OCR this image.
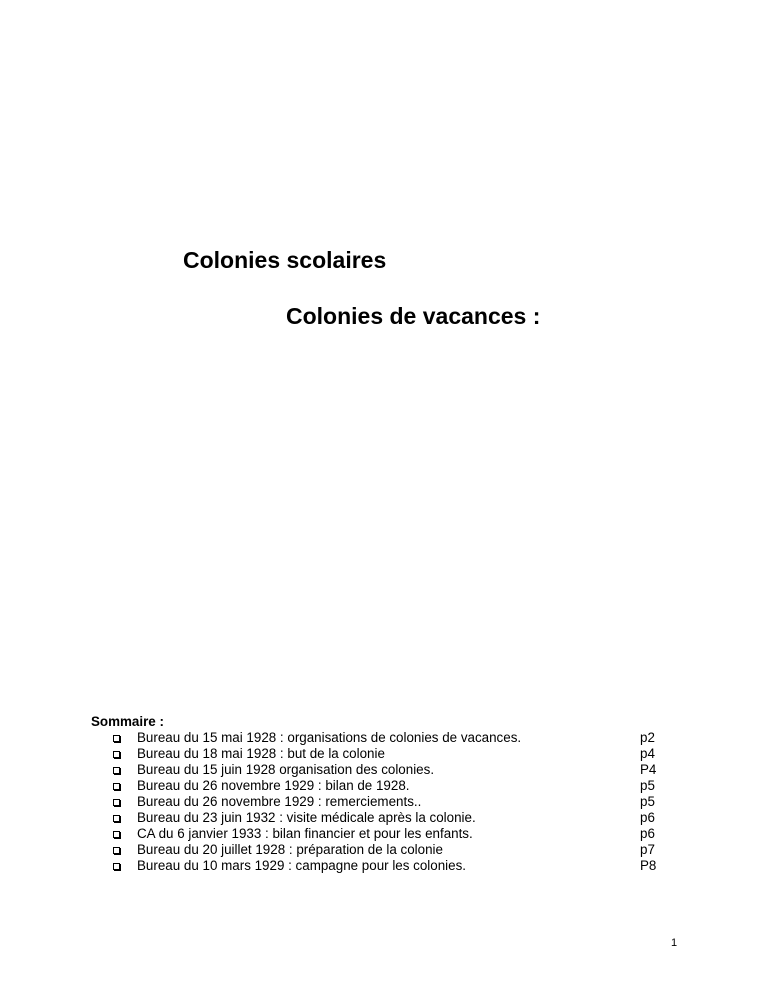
Colonies scolaires
Colonies de vacances :
Sommaire :
Bureau du 15 mai 1928 : organisations de colonies de vacances.	p2
Bureau du 18 mai 1928 : but de la colonie	p4
Bureau du 15 juin 1928 organisation des colonies.	P4
Bureau du 26 novembre 1929 : bilan de 1928.	p5
Bureau du 26 novembre 1929 : remerciements..	p5
Bureau du 23 juin 1932 : visite médicale après la colonie.	p6
CA du 6 janvier 1933 : bilan financier et pour les enfants.	p6
Bureau du 20 juillet 1928 : préparation de la colonie	p7
Bureau du 10 mars 1929 : campagne pour les colonies.	P8
1
